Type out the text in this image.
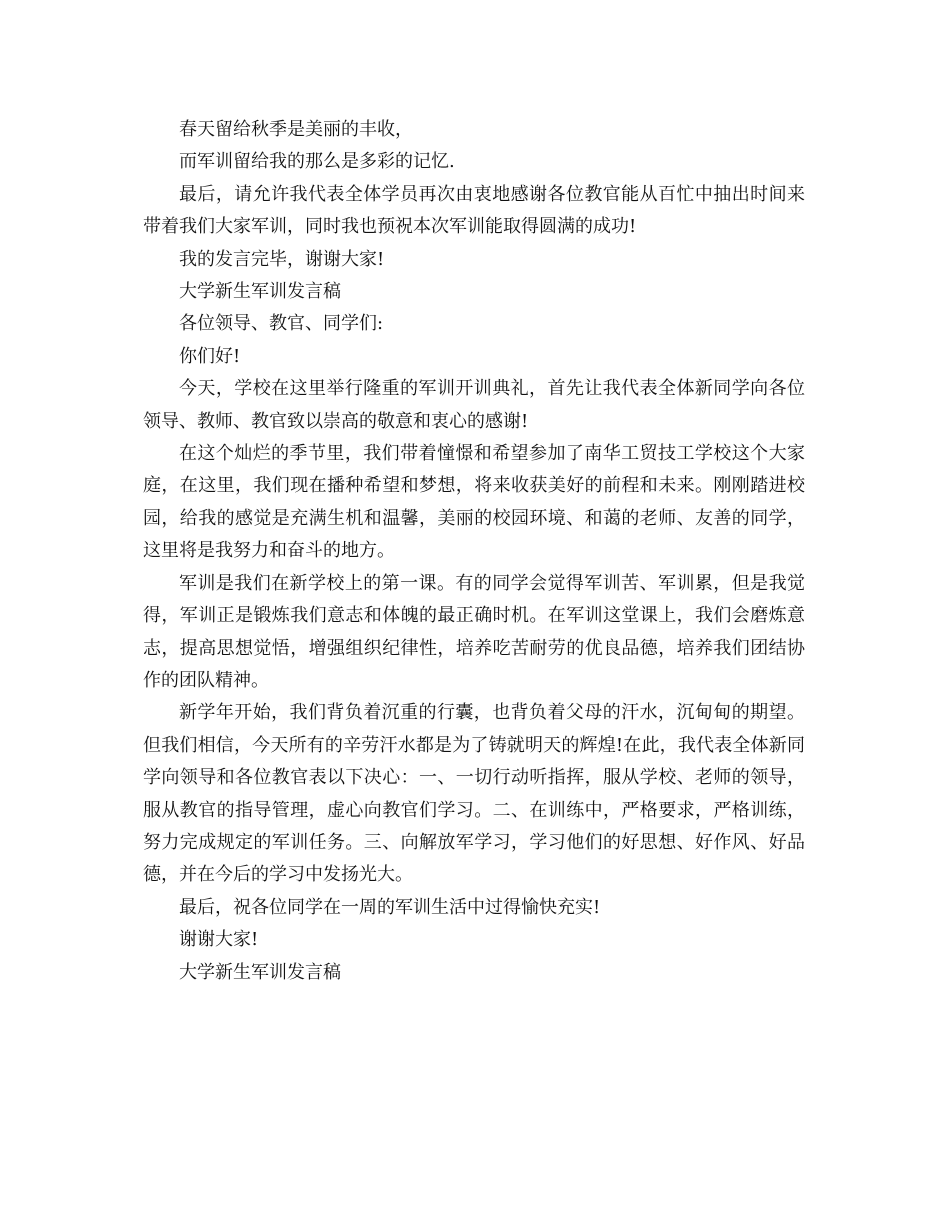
春天留给秋季是美丽的丰收，

而军训留给我的那么是多彩的记忆.

最后，请允许我代表全体学员再次由衷地感谢各位教官能从百忙中抽出时间来带着我们大家军训，同时我也预祝本次军训能取得圆满的成功!

我的发言完毕，谢谢大家!

大学新生军训发言稿

各位领导、教官、同学们:

你们好!

今天，学校在这里举行隆重的军训开训典礼，首先让我代表全体新同学向各位领导、教师、教官致以崇高的敬意和衷心的感谢!

在这个灿烂的季节里，我们带着憧憬和希望参加了南华工贸技工学校这个大家庭，在这里，我们现在播种希望和梦想，将来收获美好的前程和未来。刚刚踏进校园，给我的感觉是充满生机和温馨，美丽的校园环境、和蔼的老师、友善的同学，这里将是我努力和奋斗的地方。

军训是我们在新学校上的第一课。有的同学会觉得军训苦、军训累，但是我觉得，军训正是锻炼我们意志和体魄的最正确时机。在军训这堂课上，我们会磨炼意志，提高思想觉悟，增强组织纪律性，培养吃苦耐劳的优良品德，培养我们团结协作的团队精神。

新学年开始，我们背负着沉重的行囊，也背负着父母的汗水，沉甸甸的期望。但我们相信，今天所有的辛劳汗水都是为了铸就明天的辉煌!在此，我代表全体新同学向领导和各位教官表以下决心：一、一切行动听指挥，服从学校、老师的领导，服从教官的指导管理，虚心向教官们学习。二、在训练中，严格要求，严格训练，努力完成规定的军训任务。三、向解放军学习，学习他们的好思想、好作风、好品德，并在今后的学习中发扬光大。

最后，祝各位同学在一周的军训生活中过得愉快充实!

谢谢大家!

大学新生军训发言稿
